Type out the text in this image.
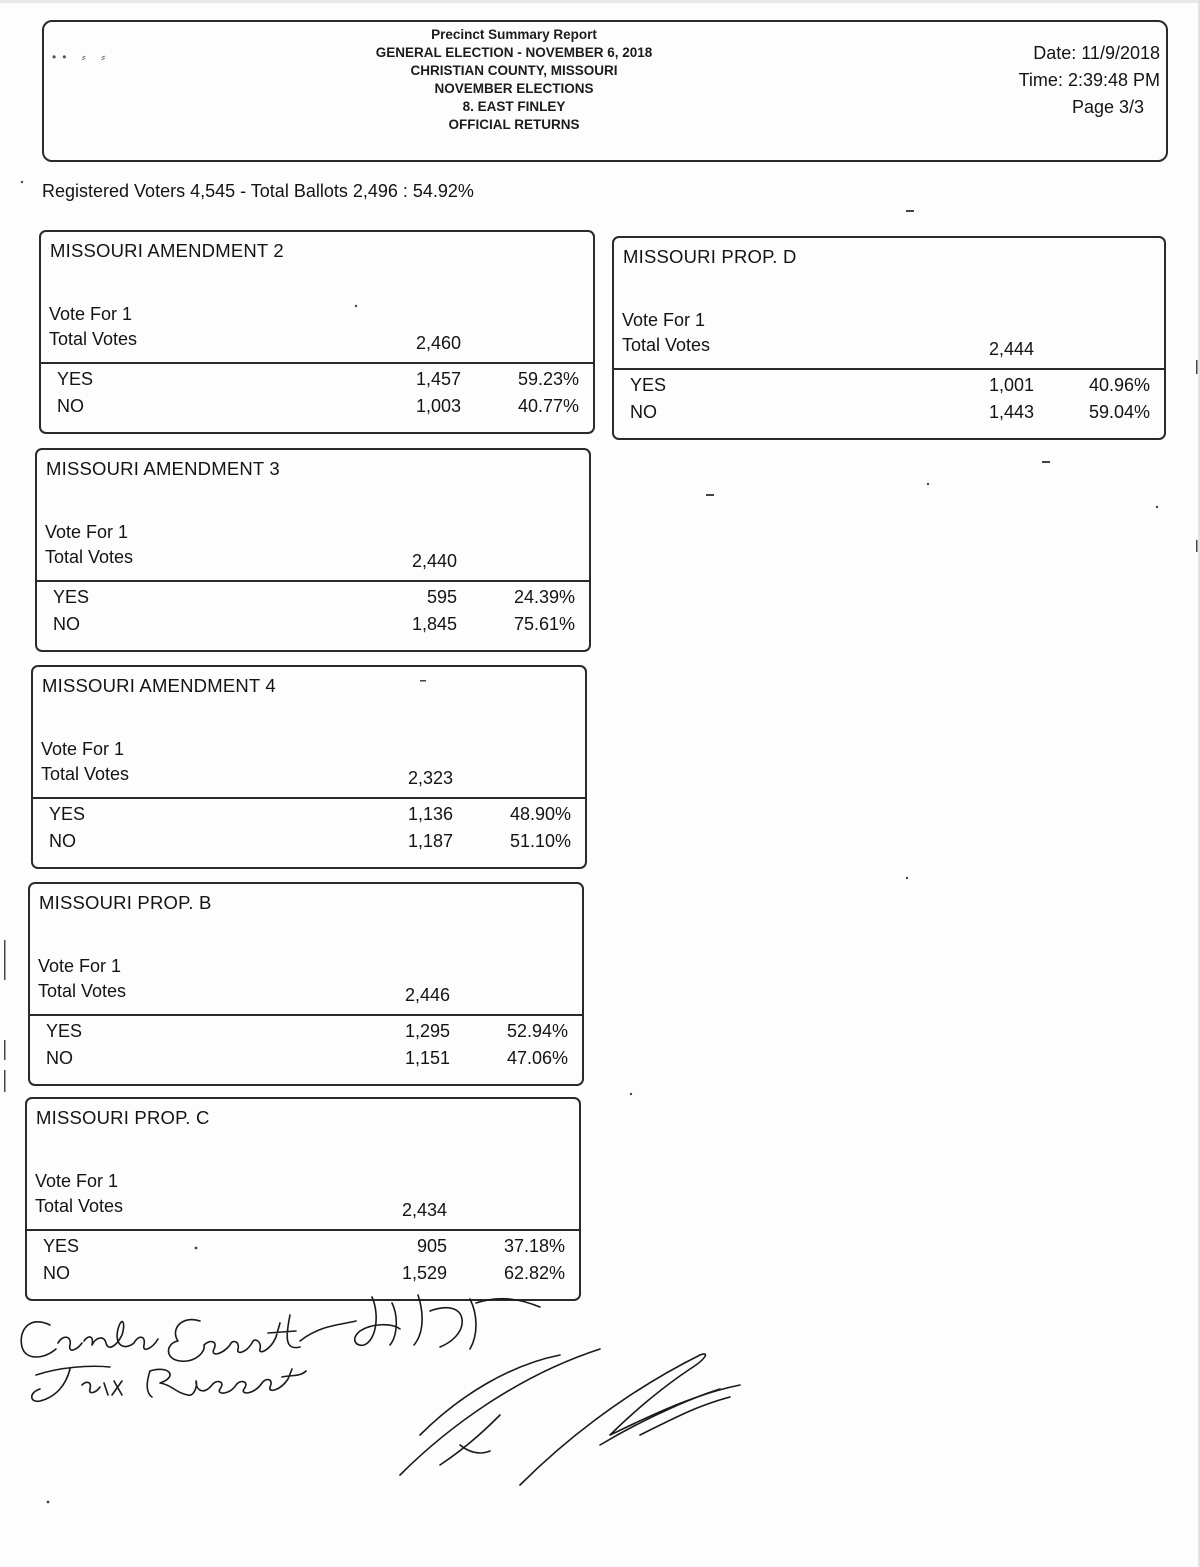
•• ⸗ ⸗
Precinct Summary Report
GENERAL ELECTION - NOVEMBER 6, 2018
CHRISTIAN COUNTY, MISSOURI
NOVEMBER ELECTIONS
8. EAST FINLEY
OFFICIAL RETURNS
Date: 11/9/2018
Time: 2:39:48 PM
Page 3/3
Registered Voters 4,545 - Total Ballots 2,496 : 54.92%
MISSOURI AMENDMENT 2
Vote For 1
Total Votes	2,460
YES	1,457	59.23%
NO	1,003	40.77%
MISSOURI AMENDMENT 3
Vote For 1
Total Votes	2,440
YES	595	24.39%
NO	1,845	75.61%
MISSOURI AMENDMENT 4
Vote For 1
Total Votes	2,323
YES	1,136	48.90%
NO	1,187	51.10%
MISSOURI PROP. B
Vote For 1
Total Votes	2,446
YES	1,295	52.94%
NO	1,151	47.06%
MISSOURI PROP. C
Vote For 1
Total Votes	2,434
YES	905	37.18%
NO	1,529	62.82%
MISSOURI PROP. D
Vote For 1
Total Votes	2,444
YES	1,001	40.96%
NO	1,443	59.04%
